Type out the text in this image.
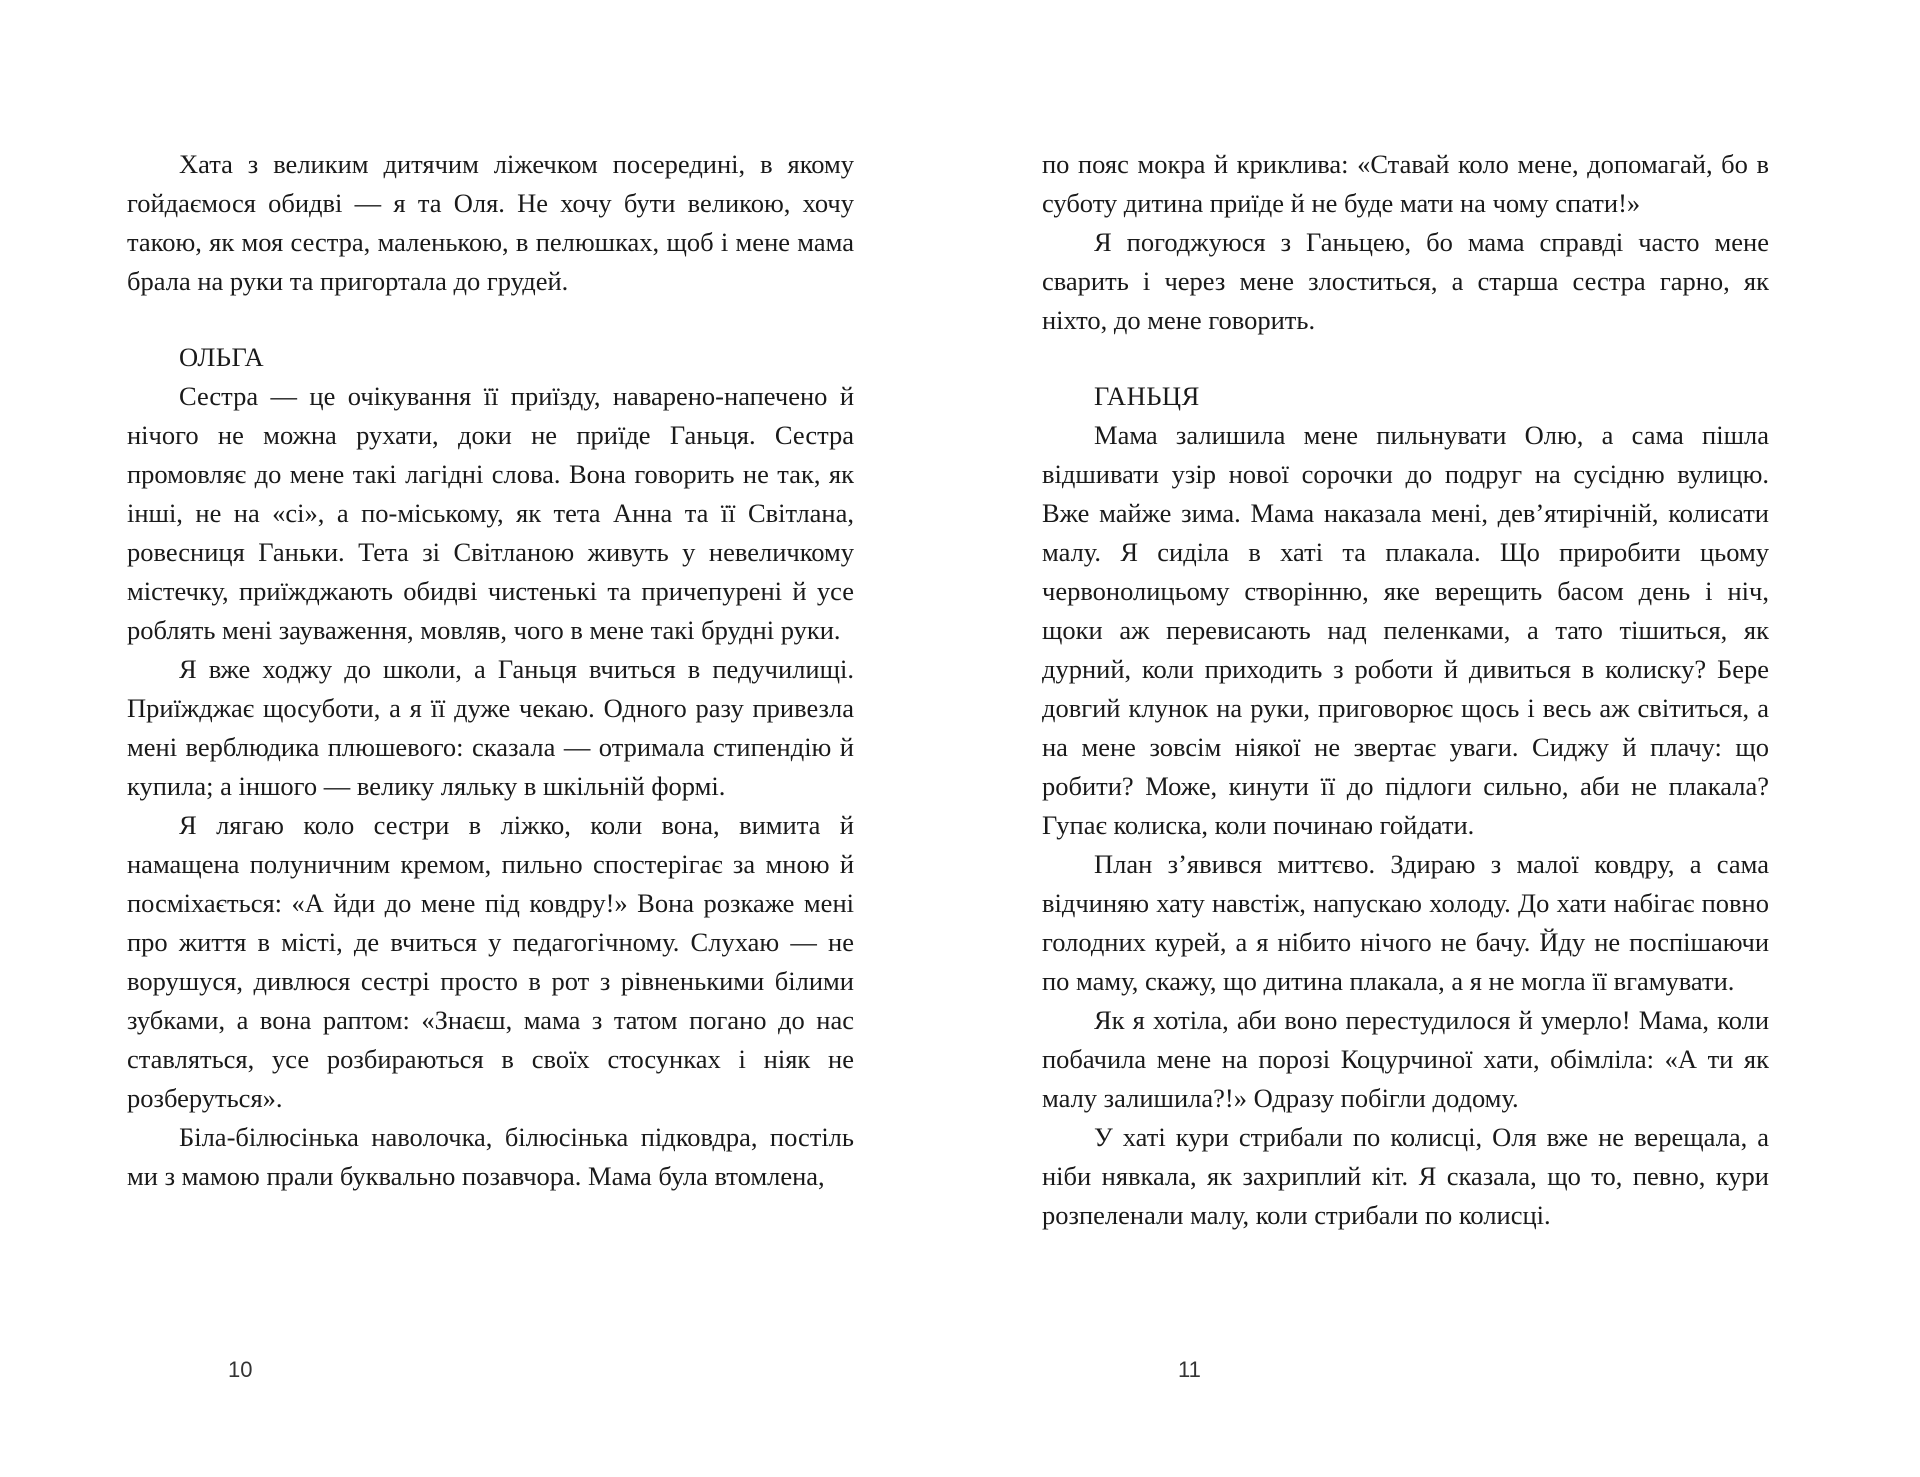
Хата з великим дитячим ліжечком посередині, в якому гойдаємося обидві — я та Оля. Не хочу бути великою, хочу такою, як моя сестра, маленькою, в пелюшках, щоб і мене мама брала на руки та пригортала до грудей.

ОЛЬГА

Сестра — це очікування її приїзду, наварено-напечено й нічого не можна рухати, доки не приїде Ганьця. Сестра промовляє до мене такі лагідні слова. Вона говорить не так, як інші, не на «сі», а по-міському, як тета Анна та її Світлана, ровесниця Ганьки. Тета зі Світланою живуть у невеличкому містечку, приїжджають обидві чистенькі та причепурені й усе роблять мені зауваження, мовляв, чого в мене такі брудні руки.

Я вже ходжу до школи, а Ганьця вчиться в педучилищі. Приїжджає щосуботи, а я її дуже чекаю. Одного разу привезла мені верблюдика плюшевого: сказала — отримала стипендію й купила; а іншого — велику ляльку в шкільній формі.

Я лягаю коло сестри в ліжко, коли вона, вимита й намащена полуничним кремом, пильно спостерігає за мною й посміхається: «А йди до мене під ковдру!» Вона розкаже мені про життя в місті, де вчиться у педагогічному. Слухаю — не ворушуся, дивлюся сестрі просто в рот з рівненькими білими зубками, а вона раптом: «Знаєш, мама з татом погано до нас ставляться, усе розбираються в своїх стосунках і ніяк не розберуться».

Біла-білюсінька наволочка, білюсінька підковдра, постіль ми з мамою прали буквально позавчора. Мама була втомлена,

10

по пояс мокра й криклива: «Ставай коло мене, допомагай, бо в суботу дитина приїде й не буде мати на чому спати!»

Я погоджуюся з Ганьцею, бо мама справді часто мене сварить і через мене злоститься, а старша сестра гарно, як ніхто, до мене говорить.

ГАНЬЦЯ

Мама залишила мене пильнувати Олю, а сама пішла відшивати узір нової сорочки до подруг на сусідню вулицю. Вже майже зима. Мама наказала мені, дев’ятирічній, колисати малу. Я сиділа в хаті та плакала. Що приробити цьому червонолицьому створінню, яке верещить басом день і ніч, щоки аж перевисають над пеленками, а тато тішиться, як дурний, коли приходить з роботи й дивиться в колиску? Бере довгий клунок на руки, приговорює щось і весь аж світиться, а на мене зовсім ніякої не звертає уваги. Сиджу й плачу: що робити? Може, кинути її до підлоги сильно, аби не плакала? Гупає колиска, коли починаю гойдати.

План з’явився миттєво. Здираю з малої ковдру, а сама відчиняю хату навстіж, напускаю холоду. До хати набігає повно голодних курей, а я нібито нічого не бачу. Йду не поспішаючи по маму, скажу, що дитина плакала, а я не могла її вгамувати.

Як я хотіла, аби воно перестудилося й умерло! Мама, коли побачила мене на порозі Коцурчиної хати, обімліла: «А ти як малу залишила?!» Одразу побігли додому.

У хаті кури стрибали по колисці, Оля вже не верещала, а ніби нявкала, як захриплий кіт. Я сказала, що то, певно, кури розпеленали малу, коли стрибали по колисці.

11
